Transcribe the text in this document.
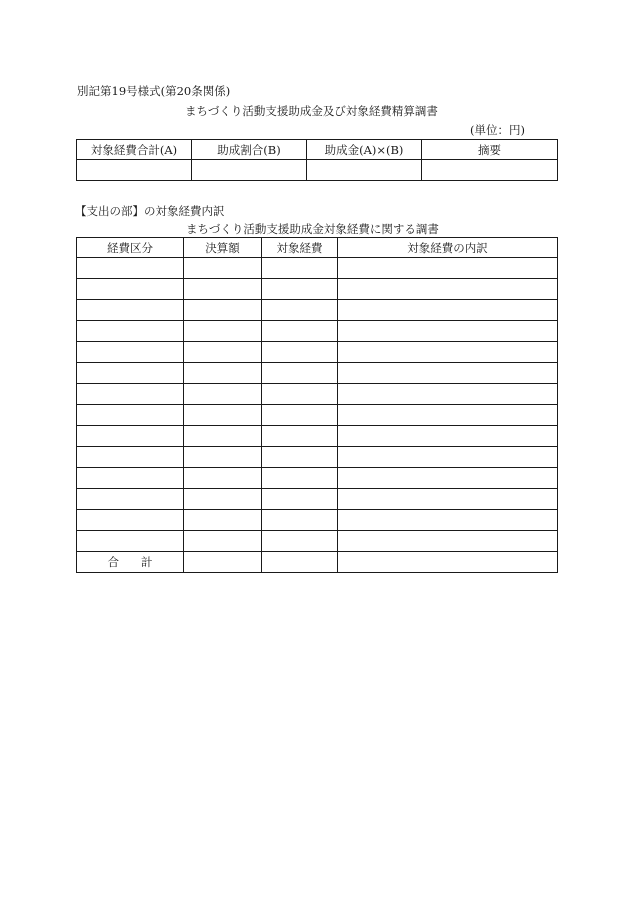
別記第19号様式(第20条関係)
まちづくり活動支援助成金及び対象経費精算調書
(単位：円)
対象経費合計(A)	助成割合(B)	助成金(A)×(B)	摘要

【支出の部】の対象経費内訳
まちづくり活動支援助成金対象経費に関する調書
経費区分	決算額	対象経費	対象経費の内訳

合 計			
